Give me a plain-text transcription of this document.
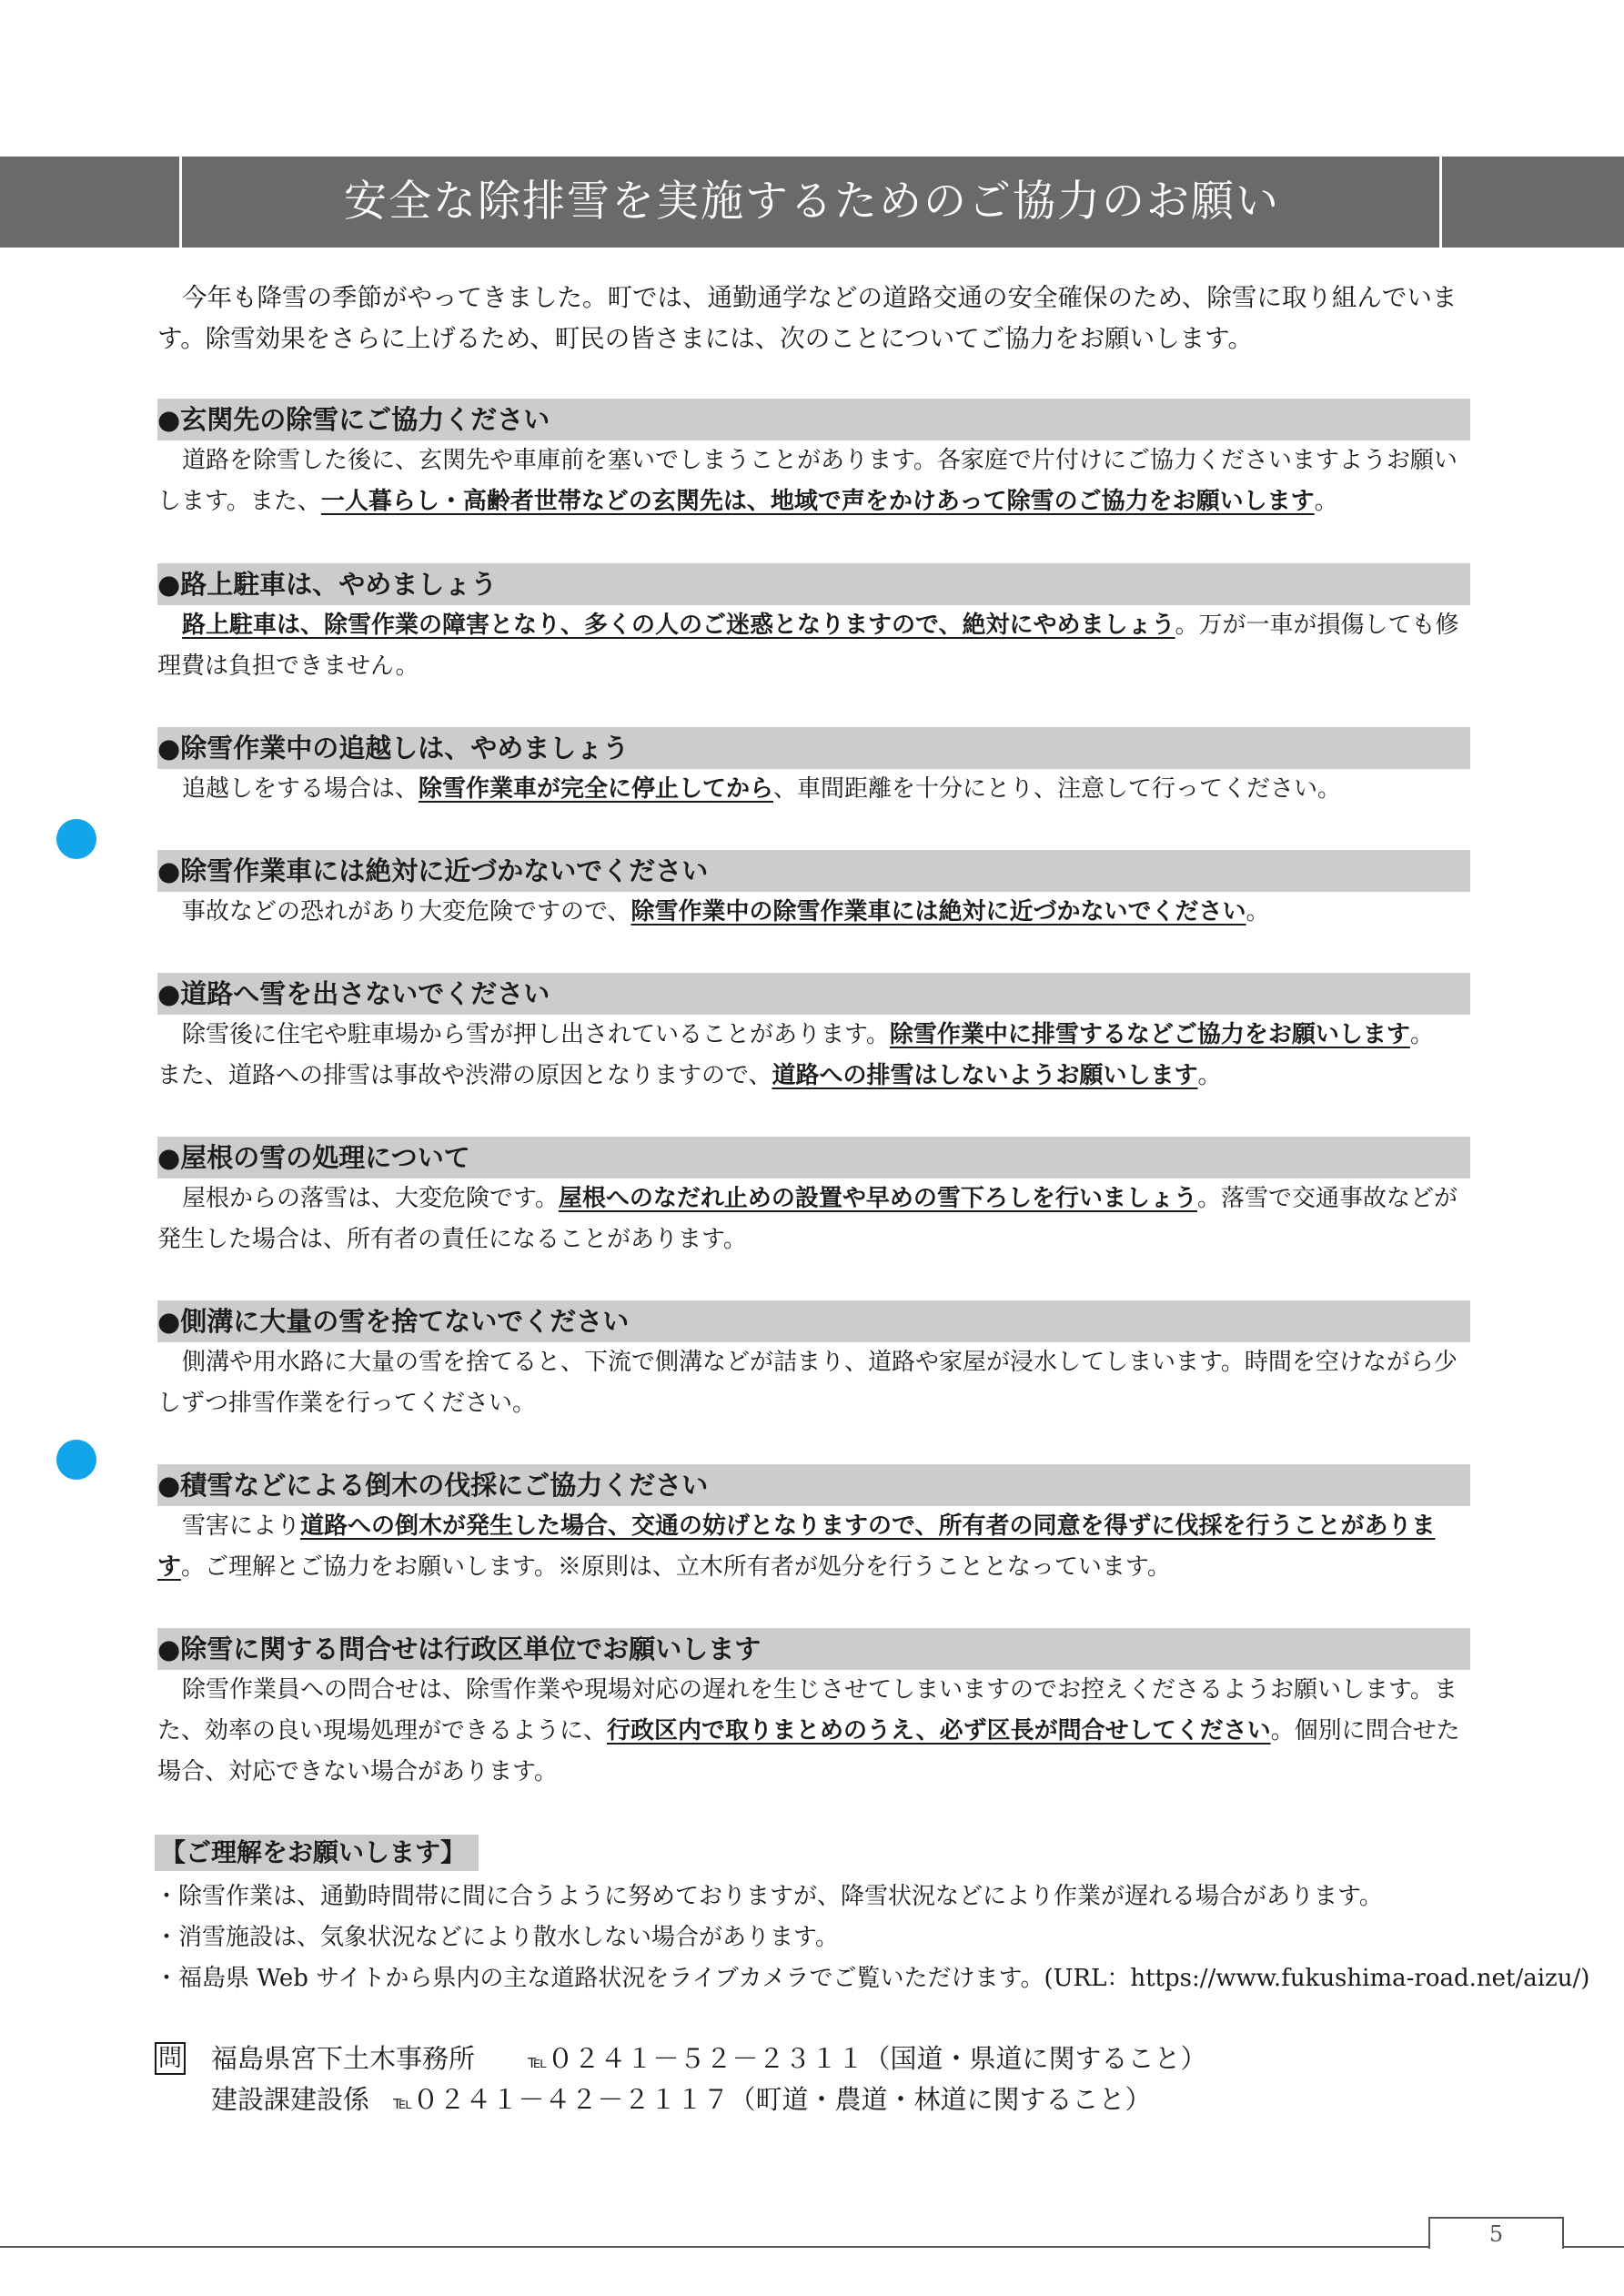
安全な除排雪を実施するためのご協力のお願い

今年も降雪の季節がやってきました。町では、通勤通学などの道路交通の安全確保のため、除雪に取り組んでいます。除雪効果をさらに上げるため、町民の皆さまには、次のことについてご協力をお願いします。

●玄関先の除雪にご協力ください

道路を除雪した後に、玄関先や車庫前を塞いでしまうことがあります。各家庭で片付けにご協力くださいますようお願いします。また、一人暮らし・高齢者世帯などの玄関先は、地域で声をかけあって除雪のご協力をお願いします。

●路上駐車は、やめましょう

路上駐車は、除雪作業の障害となり、多くの人のご迷惑となりますので、絶対にやめましょう。万が一車が損傷しても修理費は負担できません。

●除雪作業中の追越しは、やめましょう

追越しをする場合は、除雪作業車が完全に停止してから、車間距離を十分にとり、注意して行ってください。

●除雪作業車には絶対に近づかないでください

事故などの恐れがあり大変危険ですので、除雪作業中の除雪作業車には絶対に近づかないでください。

●道路へ雪を出さないでください

除雪後に住宅や駐車場から雪が押し出されていることがあります。除雪作業中に排雪するなどご協力をお願いします。
また、道路への排雪は事故や渋滞の原因となりますので、道路への排雪はしないようお願いします。

●屋根の雪の処理について

屋根からの落雪は、大変危険です。屋根へのなだれ止めの設置や早めの雪下ろしを行いましょう。落雪で交通事故などが発生した場合は、所有者の責任になることがあります。

●側溝に大量の雪を捨てないでください

側溝や用水路に大量の雪を捨てると、下流で側溝などが詰まり、道路や家屋が浸水してしまいます。時間を空けながら少しずつ排雪作業を行ってください。

●積雪などによる倒木の伐採にご協力ください

雪害により道路への倒木が発生した場合、交通の妨げとなりますので、所有者の同意を得ずに伐採を行うことがあります。ご理解とご協力をお願いします。※原則は、立木所有者が処分を行うこととなっています。

●除雪に関する問合せは行政区単位でお願いします

除雪作業員への問合せは、除雪作業や現場対応の遅れを生じさせてしまいますのでお控えくださるようお願いします。また、効率の良い現場処理ができるように、行政区内で取りまとめのうえ、必ず区長が問合せしてください。個別に問合せた場合、対応できない場合があります。

【ご理解をお願いします】
・除雪作業は、通勤時間帯に間に合うように努めておりますが、降雪状況などにより作業が遅れる場合があります。
・消雪施設は、気象状況などにより散水しない場合があります。
・福島県 Web サイトから県内の主な道路状況をライブカメラでご覧いただけます。(URL：https://www.fukushima-road.net/aizu/)
問 福島県宮下土木事務所	℡０２４１－５２－２３１１（国道・県道に関すること）
建設課建設係 ℡０２４１－４２－２１１７（町道・農道・林道に関すること）
5
